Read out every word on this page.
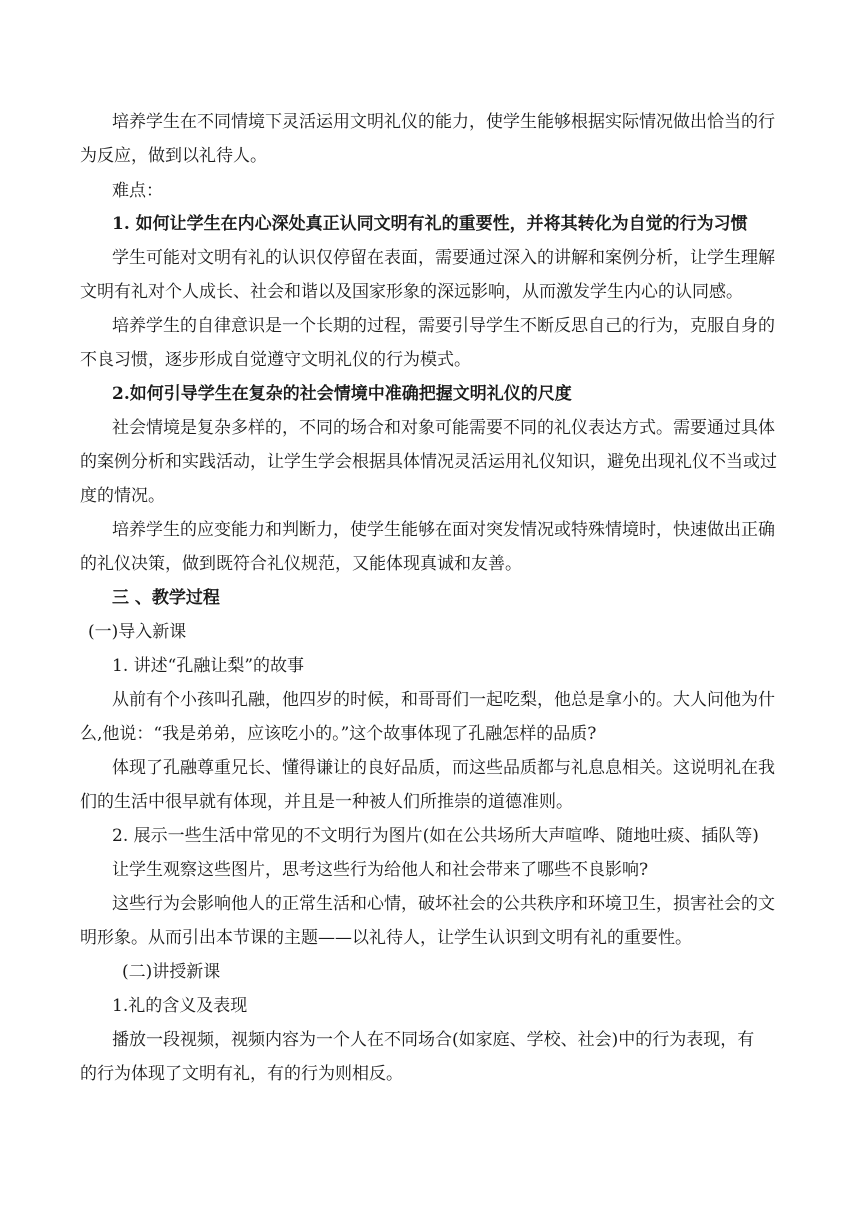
培养学生在不同情境下灵活运用文明礼仪的能力，使学生能够根据实际情况做出恰当的行
为反应，做到以礼待人。
难点：
1. 如何让学生在内心深处真正认同文明有礼的重要性，并将其转化为自觉的行为习惯
学生可能对文明有礼的认识仅停留在表面，需要通过深入的讲解和案例分析，让学生理解
文明有礼对个人成长、社会和谐以及国家形象的深远影响，从而激发学生内心的认同感。
培养学生的自律意识是一个长期的过程，需要引导学生不断反思自己的行为，克服自身的
不良习惯，逐步形成自觉遵守文明礼仪的行为模式。
2.如何引导学生在复杂的社会情境中准确把握文明礼仪的尺度
社会情境是复杂多样的，不同的场合和对象可能需要不同的礼仪表达方式。需要通过具体
的案例分析和实践活动，让学生学会根据具体情况灵活运用礼仪知识，避免出现礼仪不当或过
度的情况。
培养学生的应变能力和判断力，使学生能够在面对突发情况或特殊情境时，快速做出正确
的礼仪决策，做到既符合礼仪规范，又能体现真诚和友善。
三 、教学过程
(一)导入新课
1. 讲述“孔融让梨”的故事
从前有个小孩叫孔融，他四岁的时候，和哥哥们一起吃梨，他总是拿小的。大人问他为什
么,他说：“我是弟弟，应该吃小的。”这个故事体现了孔融怎样的品质?
体现了孔融尊重兄长、懂得谦让的良好品质，而这些品质都与礼息息相关。这说明礼在我
们的生活中很早就有体现，并且是一种被人们所推崇的道德准则。
2. 展示一些生活中常见的不文明行为图片(如在公共场所大声喧哗、随地吐痰、插队等)
让学生观察这些图片，思考这些行为给他人和社会带来了哪些不良影响?
这些行为会影响他人的正常生活和心情，破坏社会的公共秩序和环境卫生，损害社会的文
明形象。从而引出本节课的主题——以礼待人，让学生认识到文明有礼的重要性。
(二)讲授新课
1.礼的含义及表现
播放一段视频，视频内容为一个人在不同场合(如家庭、学校、社会)中的行为表现，有
的行为体现了文明有礼，有的行为则相反。
